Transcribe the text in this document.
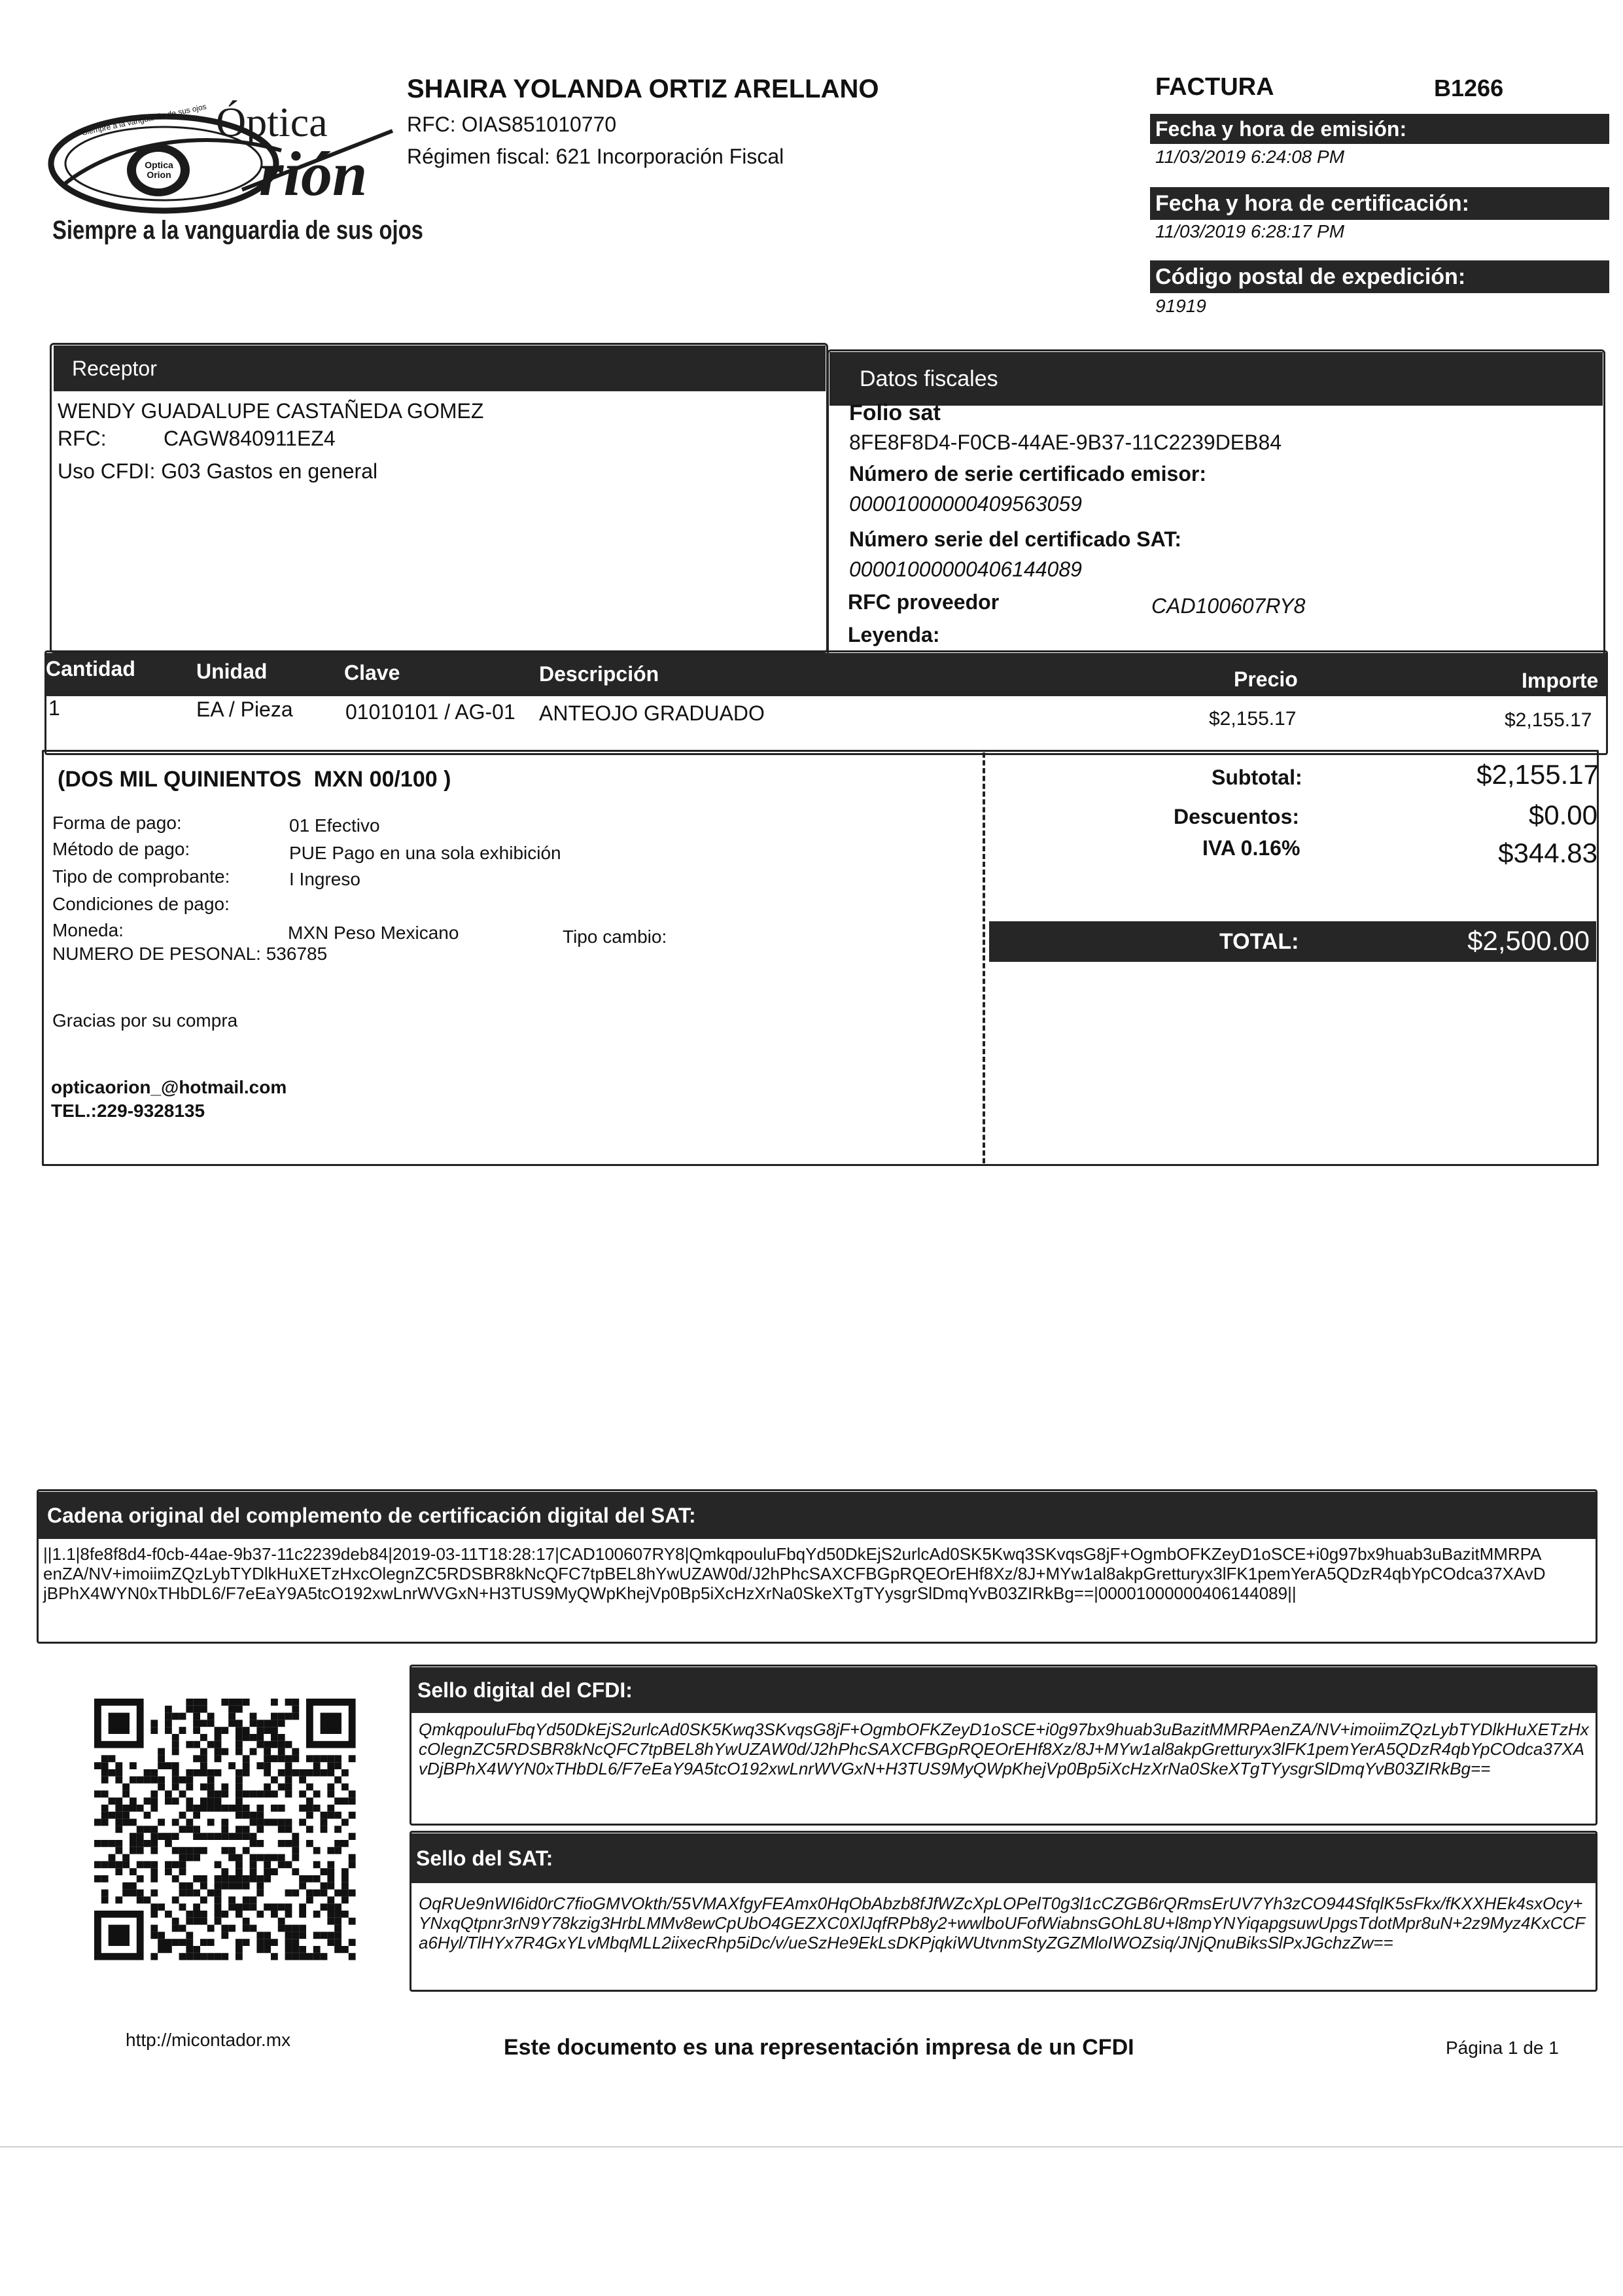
Optica Orion
Siempre a la vanguardia de sus ojos Óptica
rión
Siempre a la vanguardia de sus ojos
SHAIRA YOLANDA ORTIZ ARELLANO
RFC: OIAS851010770
Régimen fiscal: 621 Incorporación Fiscal
FACTURA	B1266
Fecha y hora de emisión:
11/03/2019 6:24:08 PM
Fecha y hora de certificación:
11/03/2019 6:28:17 PM
Código postal de expedición:
91919
Receptor
WENDY GUADALUPE CASTAÑEDA GOMEZ
RFC:	CAGW840911EZ4
Uso CFDI: G03 Gastos en general
Datos fiscales
Folio sat
8FE8F8D4-F0CB-44AE-9B37-11C2239DEB84
Número de serie certificado emisor:
00001000000409563059
Número serie del certificado SAT:
00001000000406144089
RFC proveedor	CAD100607RY8
Leyenda:
Cantidad	Unidad	Clave	Descripción	Precio	Importe
1	EA / Pieza	01010101 / AG-01 ANTEOJO GRADUADO	$2,155.17	$2,155.17
(DOS MIL QUINIENTOS  MXN 00/100 )
Forma de pago:	01 Efectivo
Método de pago:	PUE Pago en una sola exhibición
Tipo de comprobante:	I Ingreso
Condiciones de pago:
Moneda:	MXN Peso Mexicano	Tipo cambio:
NUMERO DE PESONAL: 536785
Gracias por su compra
opticaorion_@hotmail.com
TEL.:229-9328135
Subtotal:	$2,155.17
Descuentos:	$0.00
IVA 0.16%	$344.83
TOTAL:	$2,500.00
Cadena original del complemento de certificación digital del SAT:
||1.1|8fe8f8d4-f0cb-44ae-9b37-11c2239deb84|2019-03-11T18:28:17|CAD100607RY8|QmkqpouluFbqYd50DkEjS2urlcAd0SK5Kwq3SKvqsG8jF+OgmbOFKZeyD1oSCE+i0g97bx9huab3uBazitMMRPAenZA/NV+imoiimZQzLybTYDlkHuXETzHxcOlegnZC5RDSBR8kNcQFC7tpBEL8hYwUZAW0d/J2hPhcSAXCFBGpRQEOrEHf8Xz/8J+MYw1al8akpGretturyx3lFK1pemYerA5QDzR4qbYpCOdca37XAvDjBPhX4WYN0xTHbDL6/F7eEaY9A5tcO192xwLnrWVGxN+H3TUS9MyQWpKhejVp0Bp5iXcHzXrNa0SkeXTgTYysgrSlDmqYvB03ZIRkBg==|00001000000406144089||
Sello digital del CFDI:
QmkqpouluFbqYd50DkEjS2urlcAd0SK5Kwq3SKvqsG8jF+OgmbOFKZeyD1oSCE+i0g97bx9huab3uBazitMMRPAenZA/NV+imoiimZQzLybTYDlkHuXETzHxcOlegnZC5RDSBR8kNcQFC7tpBEL8hYwUZAW0d/J2hPhcSAXCFBGpRQEOrEHf8Xz/8J+MYw1al8akpGretturyx3lFK1pemYerA5QDzR4qbYpCOdca37XAvDjBPhX4WYN0xTHbDL6/F7eEaY9A5tcO192xwLnrWVGxN+H3TUS9MyQWpKhejVp0Bp5iXcHzXrNa0SkeXTgTYysgrSlDmqYvB03ZIRkBg==
Sello del SAT:
OqRUe9nWI6id0rC7fioGMVOkth/55VMAXfgyFEAmx0HqObAbzb8fJfWZcXpLOPelT0g3l1cCZGB6rQRmsErUV7Yh3zCO944SfqlK5sFkx/fKXXHEk4sxOcy+YNxqQtpnr3rN9Y78kzig3HrbLMMv8ewCpUbO4GEZXC0XlJqfRPb8y2+wwlboUFofWiabnsGOhL8U+l8mpYNYiqapgsuwUpgsTdotMpr8uN+2z9Myz4KxCCFa6Hyl/TlHYx7R4GxYLvMbqMLL2iixecRhp5iDc/v/ueSzHe9EkLsDKPjqkiWUtvnmStyZGZMloIWOZsiq/JNjQnuBiksSlPxJGchzZw==
http://micontador.mx	Este documento es una representación impresa de un CFDI	Página 1 de 1
